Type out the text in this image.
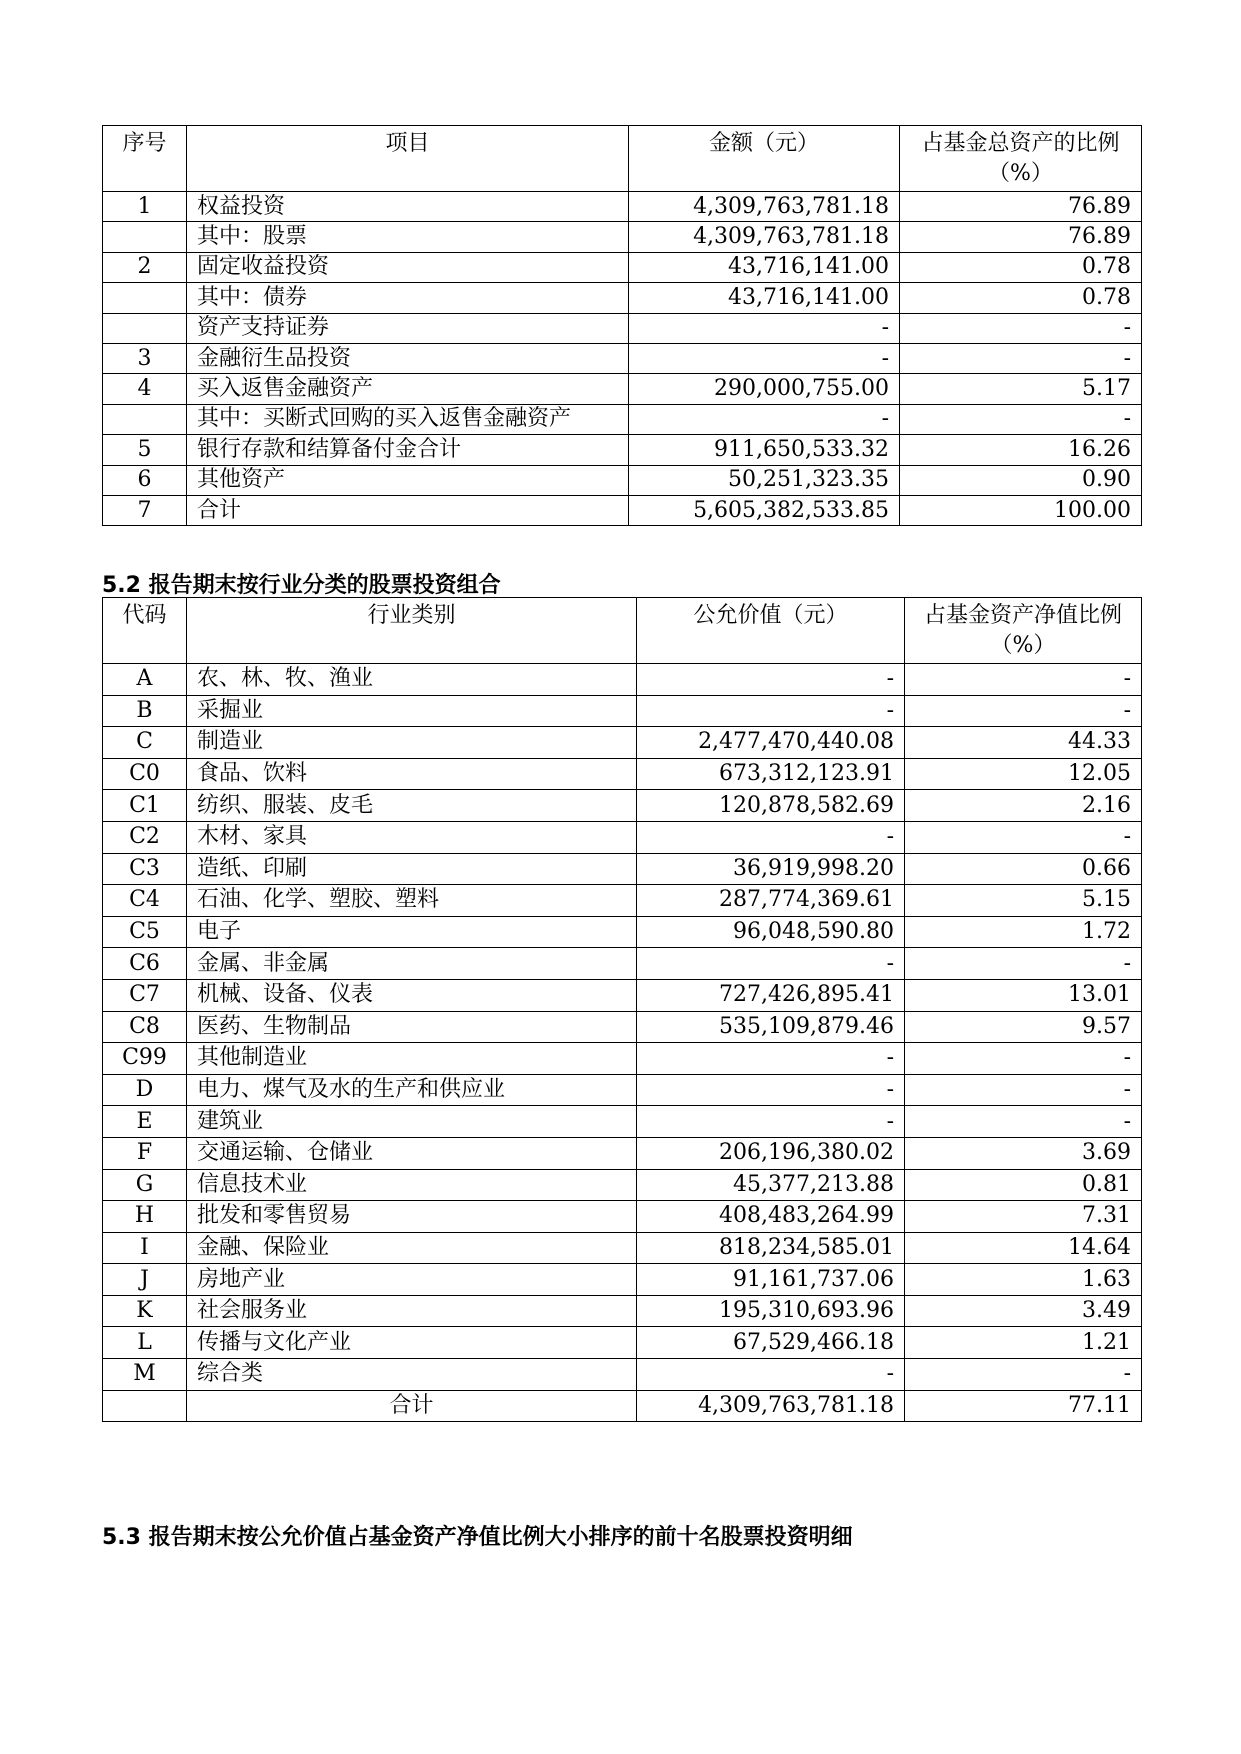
序号	项目	金额（元）	占基金总资产的比例（%）
1	权益投资	4,309,763,781.18	76.89
	其中：股票	4,309,763,781.18	76.89
2	固定收益投资	43,716,141.00	0.78
	其中：债券	43,716,141.00	0.78
	资产支持证券	-	-
3	金融衍生品投资	-	-
4	买入返售金融资产	290,000,755.00	5.17
	其中：买断式回购的买入返售金融资产	-	-
5	银行存款和结算备付金合计	911,650,533.32	16.26
6	其他资产	50,251,323.35	0.90
7	合计	5,605,382,533.85	100.00
5.2 报告期末按行业分类的股票投资组合
代码	行业类别	公允价值（元）	占基金资产净值比例（%）
A	农、林、牧、渔业	-	-
B	采掘业	-	-
C	制造业	2,477,470,440.08	44.33
C0	食品、饮料	673,312,123.91	12.05
C1	纺织、服装、皮毛	120,878,582.69	2.16
C2	木材、家具	-	-
C3	造纸、印刷	36,919,998.20	0.66
C4	石油、化学、塑胶、塑料	287,774,369.61	5.15
C5	电子	96,048,590.80	1.72
C6	金属、非金属	-	-
C7	机械、设备、仪表	727,426,895.41	13.01
C8	医药、生物制品	535,109,879.46	9.57
C99	其他制造业	-	-
D	电力、煤气及水的生产和供应业	-	-
E	建筑业	-	-
F	交通运输、仓储业	206,196,380.02	3.69
G	信息技术业	45,377,213.88	0.81
H	批发和零售贸易	408,483,264.99	7.31
I	金融、保险业	818,234,585.01	14.64
J	房地产业	91,161,737.06	1.63
K	社会服务业	195,310,693.96	3.49
L	传播与文化产业	67,529,466.18	1.21
M	综合类	-	-
	合计	4,309,763,781.18	77.11
5.3 报告期末按公允价值占基金资产净值比例大小排序的前十名股票投资明细
